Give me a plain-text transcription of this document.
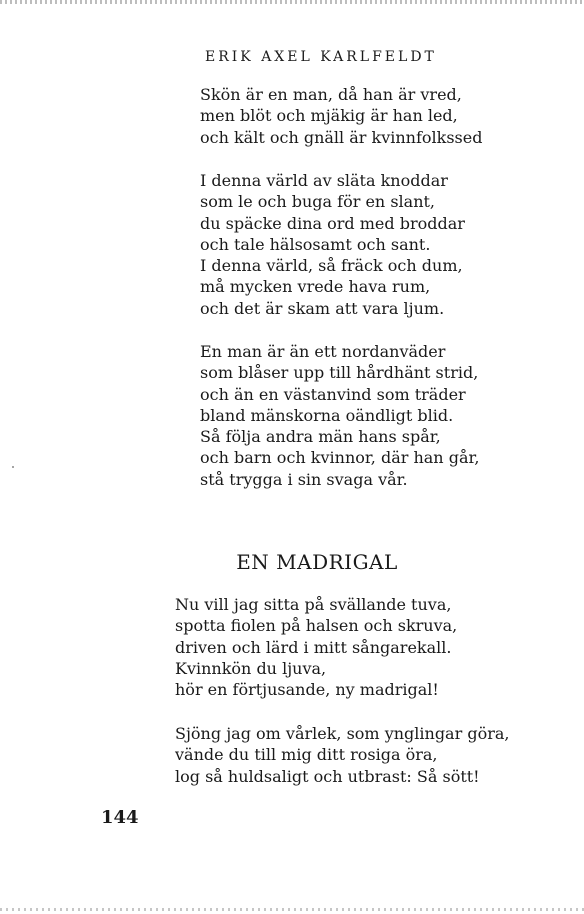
ERIK AXEL KARLFELDT
Skön är en man, då han är vred,
men blöt och mjäkig är han led,
och kält och gnäll är kvinnfolkssed
I denna värld av släta knoddar
som le och buga för en slant,
du späcke dina ord med broddar
och tale hälsosamt och sant.
I denna värld, så fräck och dum,
må mycken vrede hava rum,
och det är skam att vara ljum.
En man är än ett nordanväder
som blåser upp till hårdhänt strid,
och än en västanvind som träder
bland mänskorna oändligt blid.
Så följa andra män hans spår,
och barn och kvinnor, där han går,
stå trygga i sin svaga vår.
EN MADRIGAL
Nu vill jag sitta på svällande tuva,
spotta fiolen på halsen och skruva,
driven och lärd i mitt sångarekall.
Kvinnkön du ljuva,
hör en förtjusande, ny madrigal!
Sjöng jag om vårlek, som ynglingar göra,
vände du till mig ditt rosiga öra,
log så huldsaligt och utbrast: Så sött!
144
